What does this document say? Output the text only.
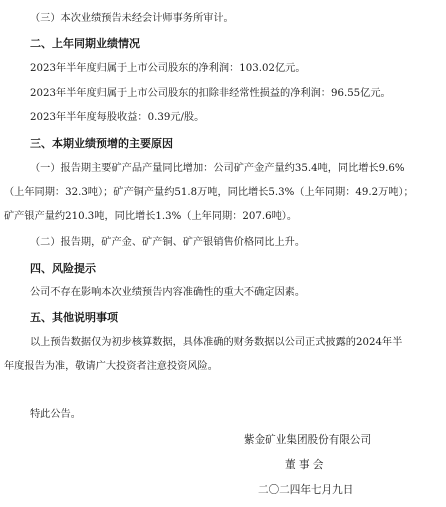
（三）本次业绩预告未经会计师事务所审计。
二、上年同期业绩情况
2023年半年度归属于上市公司股东的净利润：103.02亿元。
2023年半年度归属于上市公司股东的扣除非经常性损益的净利润：96.55亿元。
2023年半年度每股收益：0.39元/股。
三、本期业绩预增的主要原因
（一）报告期主要矿产品产量同比增加：公司矿产金产量约35.4吨，同比增长9.6%
（上年同期：32.3吨）；矿产铜产量约51.8万吨，同比增长5.3%（上年同期：49.2万吨）；
矿产银产量约210.3吨，同比增长1.3%（上年同期：207.6吨）。
（二）报告期，矿产金、矿产铜、矿产银销售价格同比上升。
四、风险提示
公司不存在影响本次业绩预告内容准确性的重大不确定因素。
五、其他说明事项
以上预告数据仅为初步核算数据，具体准确的财务数据以公司正式披露的2024年半
年度报告为准，敬请广大投资者注意投资风险。
特此公告。
紫金矿业集团股份有限公司
董 事 会
二〇二四年七月九日
